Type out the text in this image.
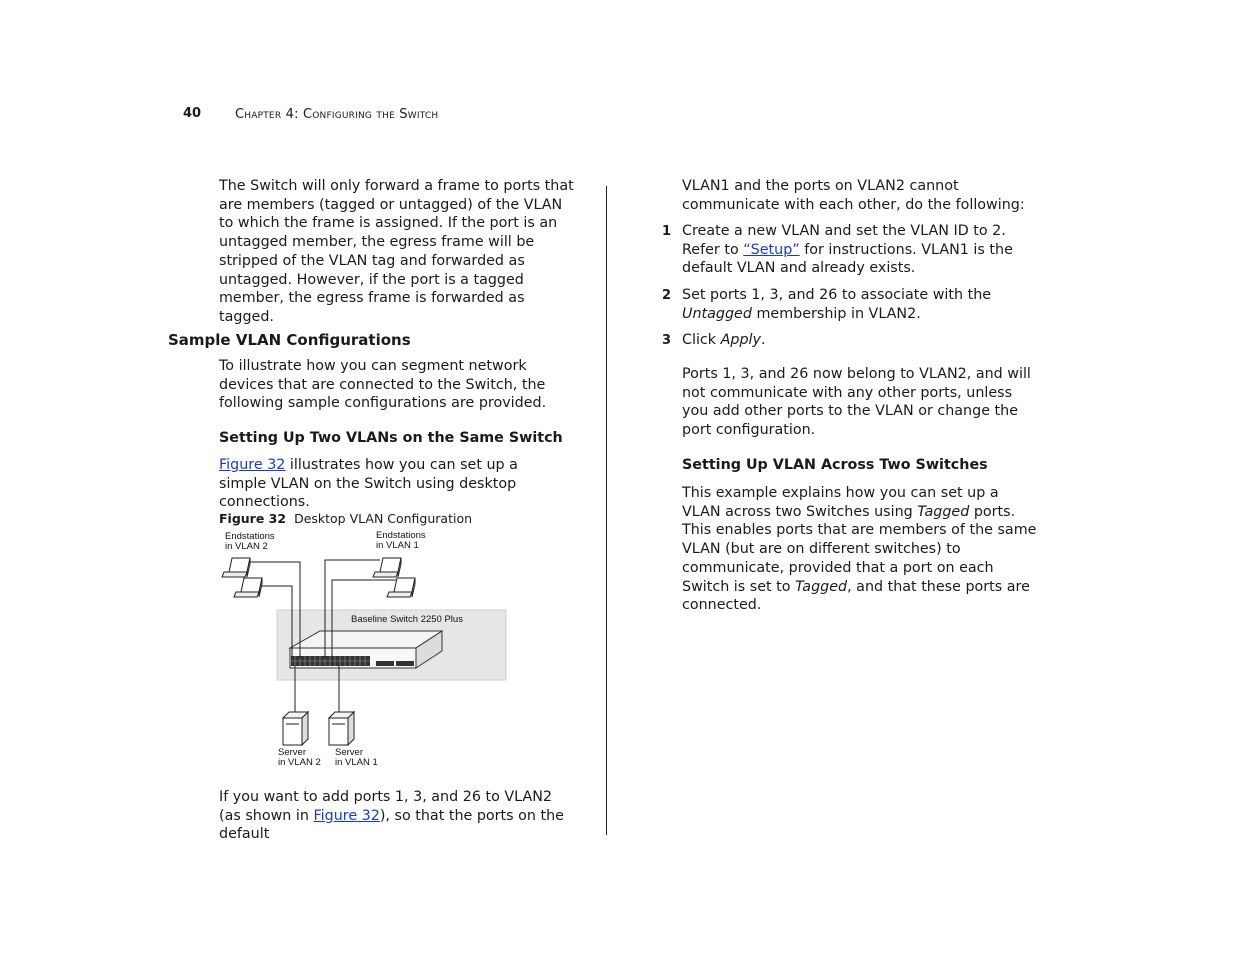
40	Chapter 4: Configuring the Switch
The Switch will only forward a frame to ports that are members (tagged or untagged) of the VLAN to which the frame is assigned. If the port is an untagged member, the egress frame will be stripped of the VLAN tag and forwarded as untagged. However, if the port is a tagged member, the egress frame is forwarded as tagged.
Sample VLAN Configurations
To illustrate how you can segment network devices that are connected to the Switch, the following sample configurations are provided.
Setting Up Two VLANs on the Same Switch
Figure 32 illustrates how you can set up a simple VLAN on the Switch using desktop connections.
Figure 32 Desktop VLAN Configuration
Endstations
in VLAN 2
Endstations
in VLAN 1
Baseline Switch 2250 Plus
Server
in VLAN 2
Server
in VLAN 1
If you want to add ports 1, 3, and 26 to VLAN2 (as shown in Figure 32), so that the ports on the default
VLAN1 and the ports on VLAN2 cannot communicate with each other, do the following:
1 Create a new VLAN and set the VLAN ID to 2. Refer to “Setup” for instructions. VLAN1 is the default VLAN and already exists.
2 Set ports 1, 3, and 26 to associate with the Untagged membership in VLAN2.
3 Click Apply.
Ports 1, 3, and 26 now belong to VLAN2, and will not communicate with any other ports, unless you add other ports to the VLAN or change the port configuration.
Setting Up VLAN Across Two Switches
This example explains how you can set up a VLAN across two Switches using Tagged ports. This enables ports that are members of the same VLAN (but are on different switches) to communicate, provided that a port on each Switch is set to Tagged, and that these ports are connected.
